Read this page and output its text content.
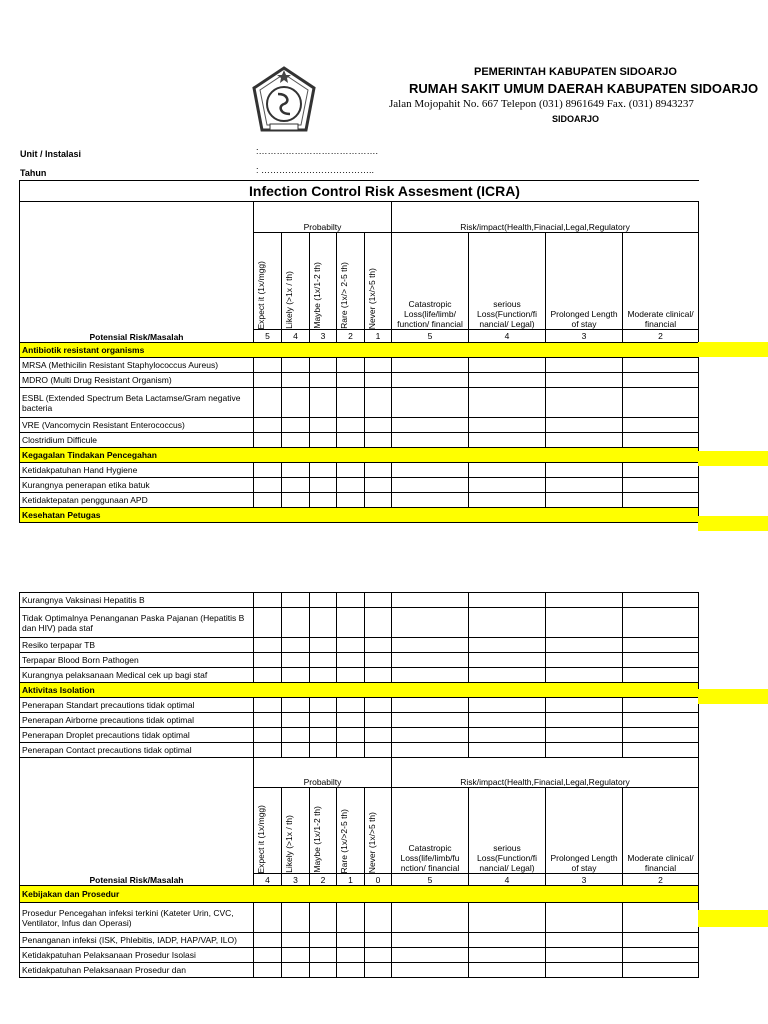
PEMERINTAH KABUPATEN SIDOARJO
RUMAH SAKIT UMUM DAERAH KABUPATEN SIDOARJO
Jalan Mojopahit No. 667 Telepon (031) 8961649 Fax. (031) 8943237
SIDOARJO
Unit / Instalasi	:………………………………….
Tahun	: ………………………………..
Infection Control Risk Assesment (ICRA)
Potensial Risk/Masalah	Probabilty					Risk/impact(Health,Finacial,Legal,Regulatory			

	Expect it (1x/mgg)	Likely (>1x / th)	Maybe (1x/1-2 th)	Rare (1x/> 2-5 th)	Never (1x/>5 th)	Catastropic Loss(life/limb/ function/ financial	serious Loss(Function/fi nancial/ Legal)	Prolonged Length of stay	Moderate clinical/ financial
	5	4	3	2	1	5	4	3	2
Antibiotik resistant organisms									
MRSA (Methicilin Resistant Staphylococcus Aureus)									
MDRO (Multi Drug Resistant Organism)									
ESBL (Extended Spectrum Beta Lactamse/Gram negative bacteria									
VRE (Vancomycin Resistant Enterococcus)									
Clostridium Difficule									
Kegagalan Tindakan Pencegahan									
Ketidakpatuhan Hand Hygiene									
Kurangnya penerapan etika batuk									
Ketidaktepatan penggunaan APD									
Kesehatan Petugas									
Kurangnya Vaksinasi Hepatitis B									
Tidak Optimalnya Penanganan Paska Pajanan (Hepatitis B dan HIV) pada staf									
Resiko terpapar TB									
Terpapar Blood Born Pathogen									
Kurangnya pelaksanaan Medical cek up bagi staf									
Aktivitas Isolation									
Penerapan Standart precautions tidak optimal									
Penerapan Airborne precautions tidak optimal									
Penerapan Droplet precautions tidak optimal									
Penerapan Contact precautions tidak optimal									
Potensial Risk/Masalah	Probabilty					Risk/impact(Health,Finacial,Legal,Regulatory			

	Expect it (1x/mgg)	Likely (>1x / th)	Maybe (1x/1-2 th)	Rare (1x/>2-5 th)	Never (1x/>5 th)	Catastropic Loss(life/limb/fu nction/ financial	serious Loss(Function/fi nancial/ Legal)	Prolonged Length of stay	Moderate clinical/ financial
	4	3	2	1	0	5	4	3	2
Kebijakan dan Prosedur									
Prosedur Pencegahan infeksi terkini (Kateter Urin, CVC, Ventilator, Infus dan Operasi)									
Penanganan infeksi (ISK, Phlebitis, IADP, HAP/VAP, ILO)									
Ketidakpatuhan Pelaksanaan Prosedur Isolasi									
Ketidakpatuhan Pelaksanaan Prosedur dan									
